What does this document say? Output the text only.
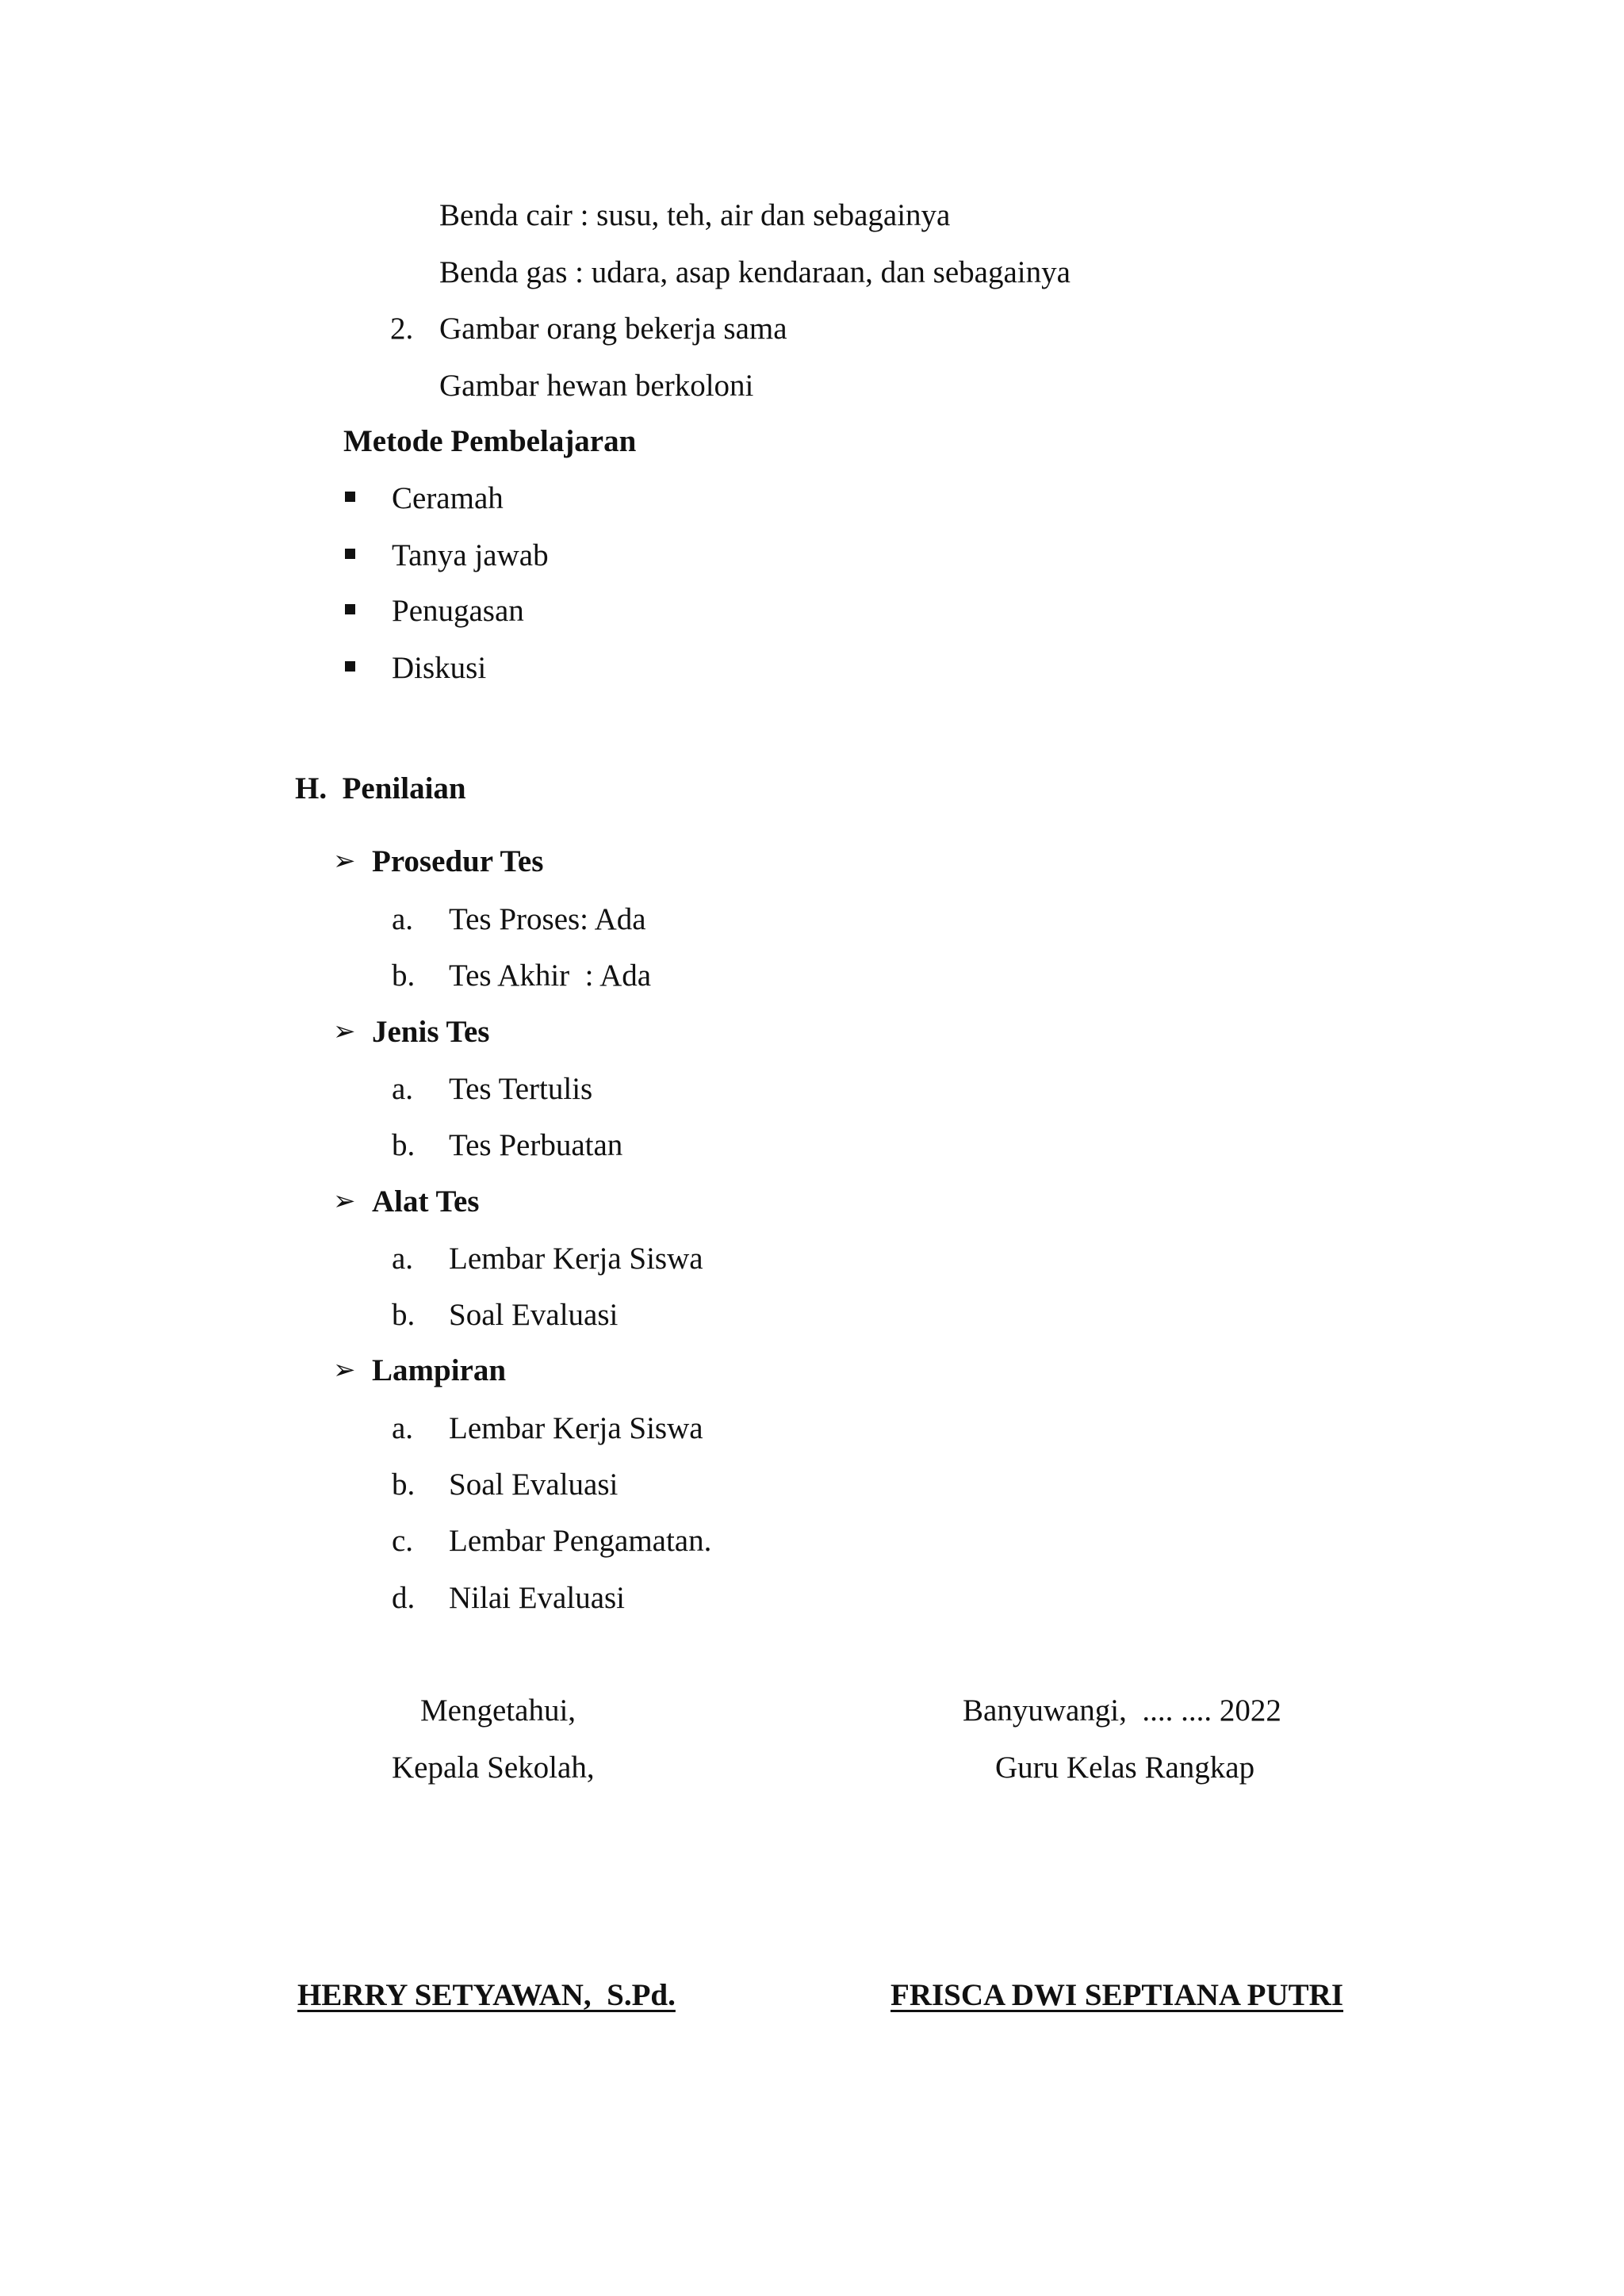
Benda cair : susu, teh, air dan sebagainya
Benda gas : udara, asap kendaraan, dan sebagainya
2. Gambar orang bekerja sama
Gambar hewan berkoloni
Metode Pembelajaran
Ceramah
Tanya jawab
Penugasan
Diskusi
H.  Penilaian
➢ Prosedur Tes
a. Tes Proses: Ada
b. Tes Akhir  : Ada
➢ Jenis Tes
a. Tes Tertulis
b. Tes Perbuatan
➢ Alat Tes
a. Lembar Kerja Siswa
b. Soal Evaluasi
➢ Lampiran
a. Lembar Kerja Siswa
b. Soal Evaluasi
c. Lembar Pengamatan.
d. Nilai Evaluasi
Mengetahui,
Kepala Sekolah,
Banyuwangi,  .... .... 2022
Guru Kelas Rangkap
HERRY SETYAWAN,  S.Pd.	FRISCA DWI SEPTIANA PUTRI
